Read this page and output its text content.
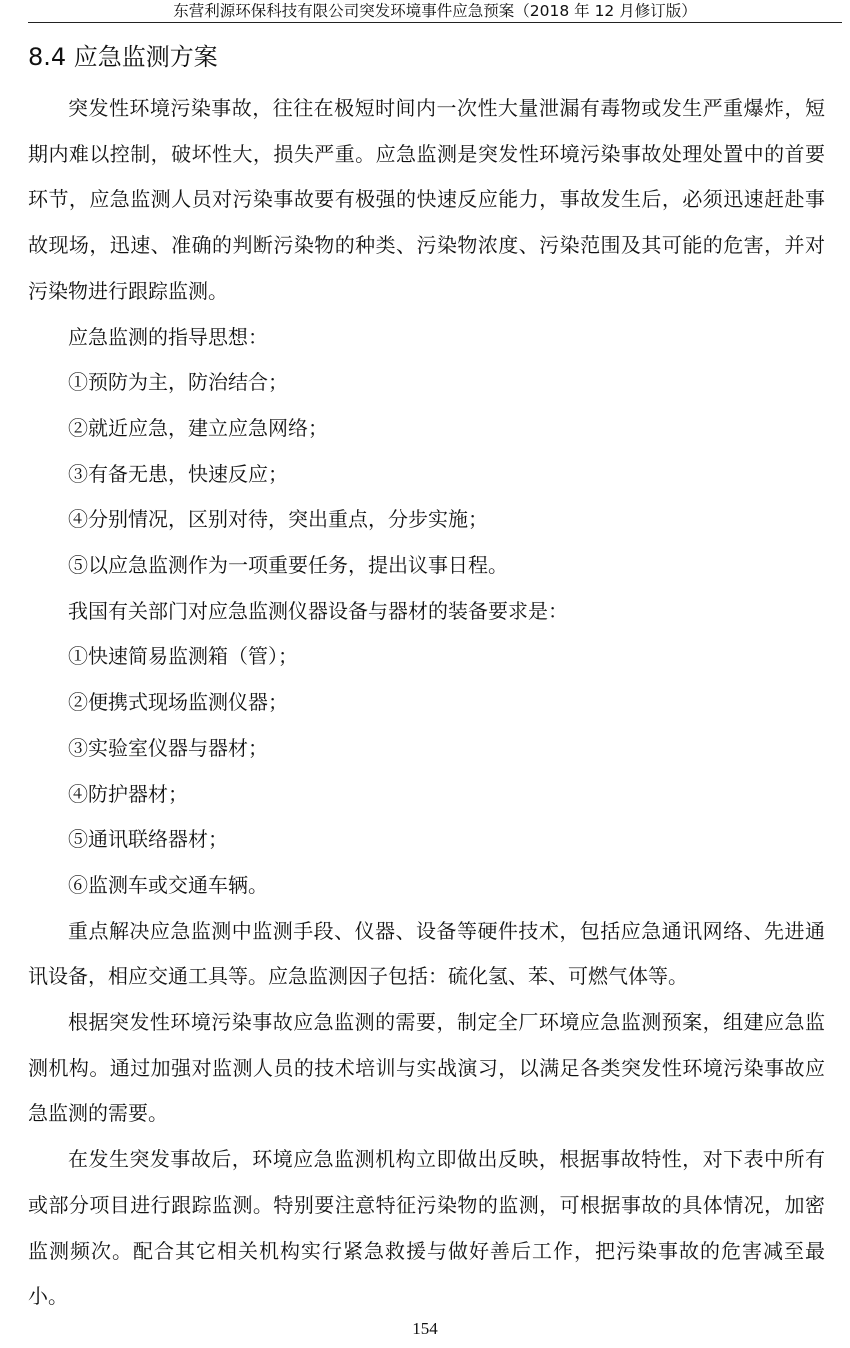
东营利源环保科技有限公司突发环境事件应急预案（2018 年 12 月修订版）
8.4 应急监测方案

突发性环境污染事故，往往在极短时间内一次性大量泄漏有毒物或发生严重爆炸，短期内难以控制，破坏性大，损失严重。应急监测是突发性环境污染事故处理处置中的首要环节，应急监测人员对污染事故要有极强的快速反应能力，事故发生后，必须迅速赶赴事故现场，迅速、准确的判断污染物的种类、污染物浓度、污染范围及其可能的危害，并对污染物进行跟踪监测。

应急监测的指导思想：

①预防为主，防治结合；

②就近应急，建立应急网络；

③有备无患，快速反应；

④分别情况，区别对待，突出重点，分步实施；

⑤以应急监测作为一项重要任务，提出议事日程。

我国有关部门对应急监测仪器设备与器材的装备要求是：

①快速简易监测箱（管）；

②便携式现场监测仪器；

③实验室仪器与器材；

④防护器材；

⑤通讯联络器材；

⑥监测车或交通车辆。

重点解决应急监测中监测手段、仪器、设备等硬件技术，包括应急通讯网络、先进通讯设备，相应交通工具等。应急监测因子包括：硫化氢、苯、可燃气体等。

根据突发性环境污染事故应急监测的需要，制定全厂环境应急监测预案，组建应急监测机构。通过加强对监测人员的技术培训与实战演习，以满足各类突发性环境污染事故应急监测的需要。

在发生突发事故后，环境应急监测机构立即做出反映，根据事故特性，对下表中所有或部分项目进行跟踪监测。特别要注意特征污染物的监测，可根据事故的具体情况，加密监测频次。配合其它相关机构实行紧急救援与做好善后工作，把污染事故的危害减至最小。

154
